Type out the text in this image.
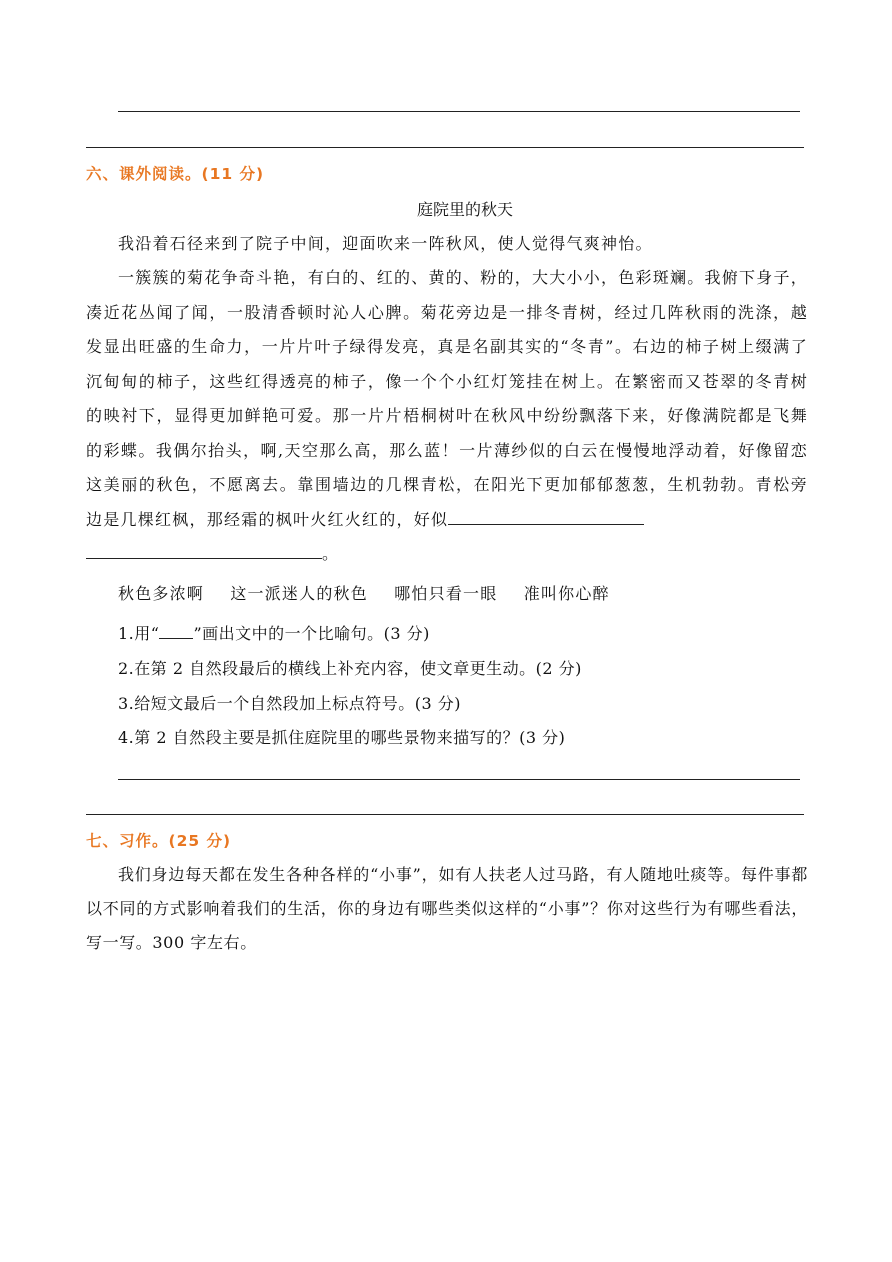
六、课外阅读。(11 分)
庭院里的秋天

我沿着石径来到了院子中间，迎面吹来一阵秋风，使人觉得气爽神怡。

一簇簇的菊花争奇斗艳，有白的、红的、黄的、粉的，大大小小，色彩斑斓。我俯下身子，凑近花丛闻了闻，一股清香顿时沁人心脾。菊花旁边是一排冬青树，经过几阵秋雨的洗涤，越发显出旺盛的生命力，一片片叶子绿得发亮，真是名副其实的“冬青”。右边的柿子树上缀满了沉甸甸的柿子，这些红得透亮的柿子，像一个个小红灯笼挂在树上。在繁密而又苍翠的冬青树的映衬下，显得更加鲜艳可爱。那一片片梧桐树叶在秋风中纷纷飘落下来，好像满院都是飞舞的彩蝶。我偶尔抬头，啊,天空那么高，那么蓝！一片薄纱似的白云在慢慢地浮动着，好像留恋这美丽的秋色，不愿离去。靠围墙边的几棵青松，在阳光下更加郁郁葱葱，生机勃勃。青松旁边是几棵红枫，那经霜的枫叶火红火红的，好似
。

秋色多浓啊 这一派迷人的秋色 哪怕只看一眼 准叫你心醉
1.用“ ”画出文中的一个比喻句。(3 分)
2.在第 2 自然段最后的横线上补充内容，使文章更生动。(2 分)
3.给短文最后一个自然段加上标点符号。(3 分)
4.第 2 自然段主要是抓住庭院里的哪些景物来描写的？(3 分)
七、习作。(25 分)

我们身边每天都在发生各种各样的“小事”，如有人扶老人过马路，有人随地吐痰等。每件事都以不同的方式影响着我们的生活，你的身边有哪些类似这样的“小事”？你对这些行为有哪些看法，写一写。300 字左右。
